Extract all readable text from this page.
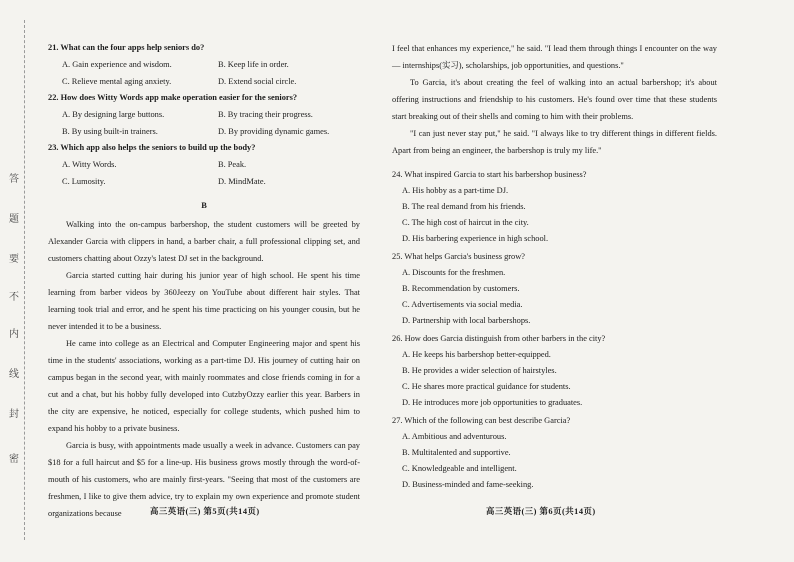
答
题
要
不
内
线
封
密

21. What can the four apps help seniors do?

A. Gain experience and wisdom.	B. Keep life in order.
C. Relieve mental aging anxiety.	D. Extend social circle.

22. How does Witty Words app make operation easier for the seniors?

A. By designing large buttons.	B. By tracing their progress.
B. By using built-in trainers.	D. By providing dynamic games.

23. Which app also helps the seniors to build up the body?

A. Witty Words.	B. Peak.
C. Lumosity.	D. MindMate.
B

Walking into the on-campus barbershop, the student customers will be greeted by Alexander Garcia with clippers in hand, a barber chair, a full professional clipping set, and customers chatting about Ozzy's latest DJ set in the background.

Garcia started cutting hair during his junior year of high school. He spent his time learning from barber videos by 360Jeezy on YouTube about different hair styles. That learning took trial and error, and he spent his time practicing on his younger cousin, but he never intended it to be a business.

He came into college as an Electrical and Computer Engineering major and spent his time in the students' associations, working as a part-time DJ. His journey of cutting hair on campus began in the second year, with mainly roommates and close friends coming in for a cut and a chat, but his hobby fully developed into CutzbyOzzy earlier this year. Barbers in the city are expensive, he noticed, especially for college students, which pushed him to expand his hobby to a private business.

Garcia is busy, with appointments made usually a week in advance. Customers can pay $18 for a full haircut and $5 for a line-up. His business grows mostly through the word-of-mouth of his customers, who are mainly first-years. "Seeing that most of the customers are freshmen, I like to give them advice, try to explain my own experience and promote student organizations because	高三英语(三) 第5页(共14页)

I feel that enhances my experience," he said. "I lead them through things I encounter on the way — internships(实习), scholarships, job opportunities, and questions."

To Garcia, it's about creating the feel of walking into an actual barbershop; it's about offering instructions and friendship to his customers. He's found over time that these students start breaking out of their shells and coming to him with their problems.

"I can just never stay put," he said. "I always like to try different things in different fields. Apart from being an engineer, the barbershop is truly my life."

24. What inspired Garcia to start his barbershop business?

A. His hobby as a part-time DJ.
B. The real demand from his friends.
C. The high cost of haircut in the city.
D. His barbering experience in high school.

25. What helps Garcia's business grow?

A. Discounts for the freshmen.
B. Recommendation by customers.
C. Advertisements via social media.
D. Partnership with local barbershops.

26. How does Garcia distinguish from other barbers in the city?

A. He keeps his barbershop better-equipped.
B. He provides a wider selection of hairstyles.
C. He shares more practical guidance for students.
D. He introduces more job opportunities to graduates.

27. Which of the following can best describe Garcia?

A. Ambitious and adventurous.
B. Multitalented and supportive.
C. Knowledgeable and intelligent.
D. Business-minded and fame-seeking.
高三英语(三) 第6页(共14页)
